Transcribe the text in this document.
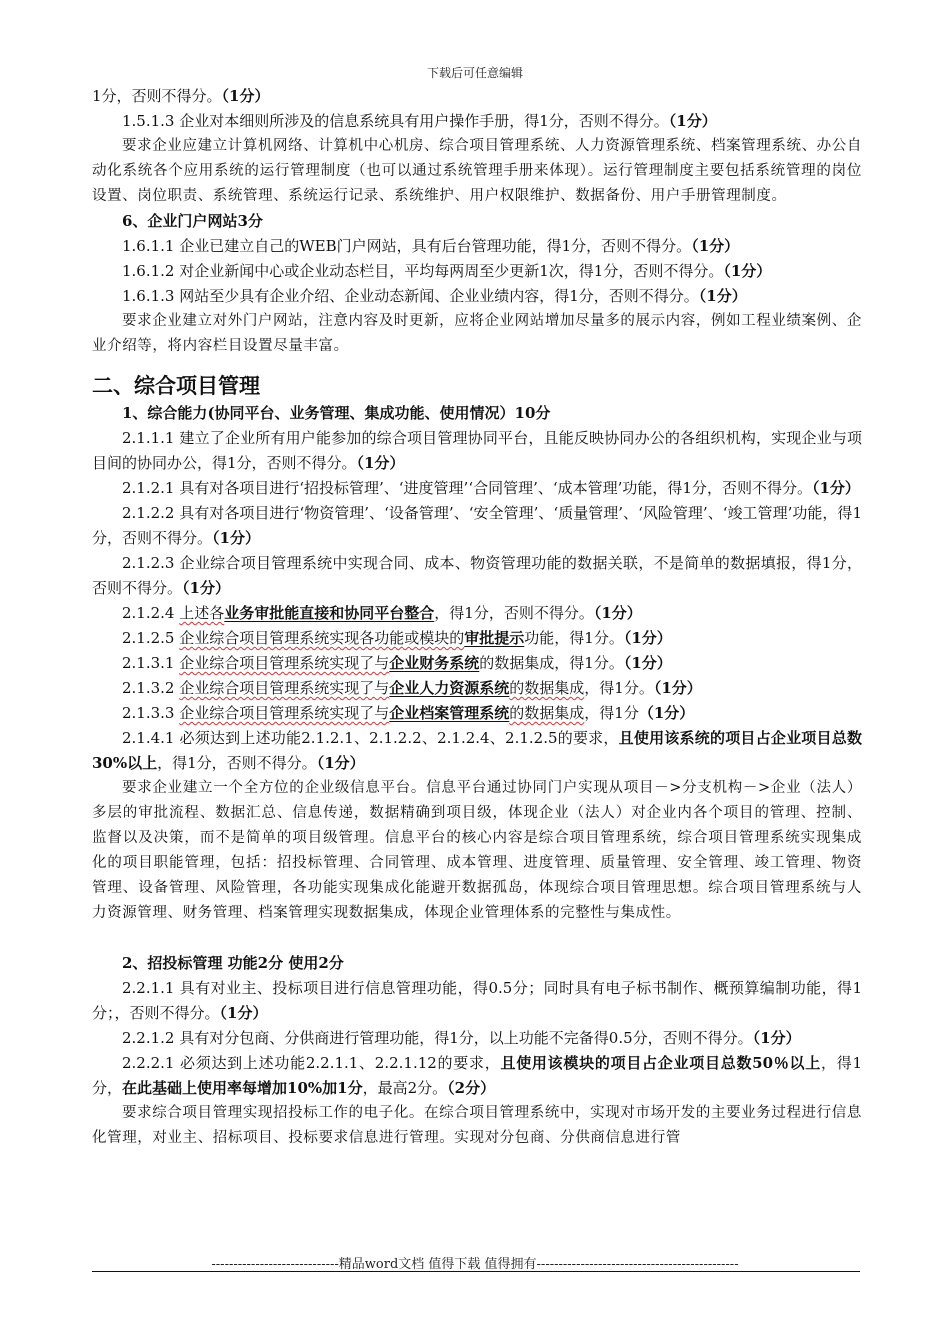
下载后可任意编辑

1分，否则不得分。（1分）

1.5.1.3 企业对本细则所涉及的信息系统具有用户操作手册，得1分，否则不得分。（1分）

要求企业应建立计算机网络、计算机中心机房、综合项目管理系统、人力资源管理系统、档案管理系统、办公自动化系统各个应用系统的运行管理制度（也可以通过系统管理手册来体现）。运行管理制度主要包括系统管理的岗位设置、岗位职责、系统管理、系统运行记录、系统维护、用户权限维护、数据备份、用户手册管理制度。

6、企业门户网站3分

1.6.1.1 企业已建立自己的WEB门户网站，具有后台管理功能，得1分，否则不得分。（1分）

1.6.1.2 对企业新闻中心或企业动态栏目，平均每两周至少更新1次，得1分，否则不得分。（1分）

1.6.1.3 网站至少具有企业介绍、企业动态新闻、企业业绩内容，得1分，否则不得分。（1分）

要求企业建立对外门户网站，注意内容及时更新，应将企业网站增加尽量多的展示内容，例如工程业绩案例、企业介绍等，将内容栏目设置尽量丰富。

二、综合项目管理

1、综合能力(协同平台、业务管理、集成功能、使用情况）10分

2.1.1.1 建立了企业所有用户能参加的综合项目管理协同平台，且能反映协同办公的各组织机构，实现企业与项目间的协同办公，得1分，否则不得分。（1分）

2.1.2.1 具有对各项目进行‘招投标管理’、‘进度管理’‘合同管理’、‘成本管理’功能，得1分，否则不得分。（1分）

2.1.2.2 具有对各项目进行‘物资管理’、‘设备管理’、‘安全管理’、‘质量管理’、‘风险管理’、‘竣工管理’功能，得1分，否则不得分。（1分）

2.1.2.3 企业综合项目管理系统中实现合同、成本、物资管理功能的数据关联，不是简单的数据填报，得1分，否则不得分。（1分）

2.1.2.4 上述各业务审批能直接和协同平台整合，得1分，否则不得分。（1分）

2.1.2.5 企业综合项目管理系统实现各功能或模块的审批提示功能，得1分。（1分）

2.1.3.1 企业综合项目管理系统实现了与企业财务系统的数据集成，得1分。（1分）

2.1.3.2 企业综合项目管理系统实现了与企业人力资源系统的数据集成，得1分。（1分）

2.1.3.3 企业综合项目管理系统实现了与企业档案管理系统的数据集成，得1分（1分）

2.1.4.1 必须达到上述功能2.1.2.1、2.1.2.2、2.1.2.4、2.1.2.5的要求，且使用该系统的项目占企业项目总数30%以上，得1分，否则不得分。（1分）

要求企业建立一个全方位的企业级信息平台。信息平台通过协同门户实现从项目－>分支机构－>企业（法人）多层的审批流程、数据汇总、信息传递，数据精确到项目级，体现企业（法人）对企业内各个项目的管理、控制、监督以及决策，而不是简单的项目级管理。信息平台的核心内容是综合项目管理系统，综合项目管理系统实现集成化的项目职能管理，包括：招投标管理、合同管理、成本管理、进度管理、质量管理、安全管理、竣工管理、物资管理、设备管理、风险管理，各功能实现集成化能避开数据孤岛，体现综合项目管理思想。综合项目管理系统与人力资源管理、财务管理、档案管理实现数据集成，体现企业管理体系的完整性与集成性。

2、招投标管理 功能2分 使用2分

2.2.1.1 具有对业主、投标项目进行信息管理功能，得0.5分；同时具有电子标书制作、概预算编制功能，得1分；，否则不得分。（1分）

2.2.1.2 具有对分包商、分供商进行管理功能，得1分，以上功能不完备得0.5分，否则不得分。（1分）

2.2.2.1 必须达到上述功能2.2.1.1、2.2.1.12的要求，且使用该模块的项目占企业项目总数50％以上，得1分，在此基础上使用率每增加10%加1分，最高2分。（2分）

要求综合项目管理实现招投标工作的电子化。在综合项目管理系统中，实现对市场开发的主要业务过程进行信息化管理，对业主、招标项目、投标要求信息进行管理。实现对分包商、分供商信息进行管

-----------------------------精品word文档 值得下载 值得拥有----------------------------------------------
